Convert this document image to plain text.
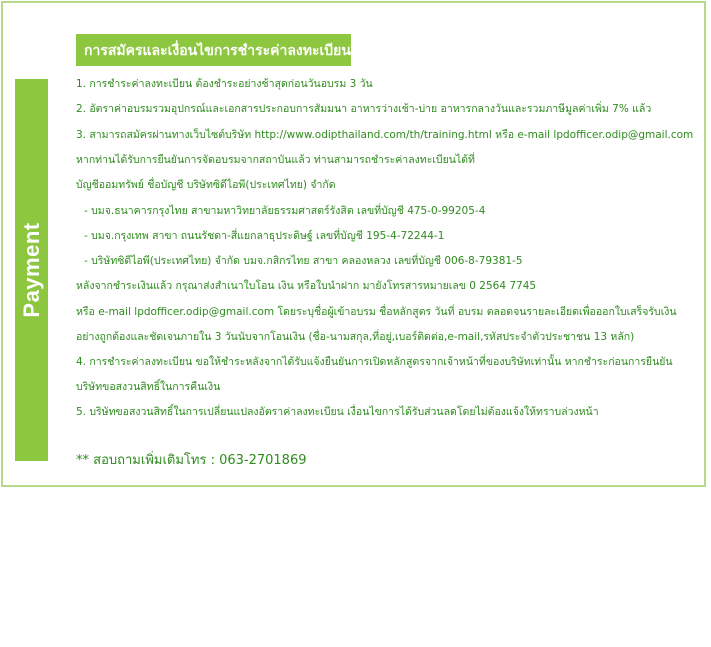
Payment
การสมัครและเงื่อนไขการชำระค่าลงทะเบียน
1. การชำระค่าลงทะเบียน ต้องชำระอย่างช้าสุดก่อนวันอบรม 3 วัน
2. อัตราค่าอบรมรวมอุปกรณ์และเอกสารประกอบการสัมมนา อาหารว่างเช้า-บ่าย อาหารกลางวันและรวมภาษีมูลค่าเพิ่ม 7% แล้ว
3. สามารถสมัครผ่านทางเว็บไซต์บริษัท http://www.odipthailand.com/th/training.html หรือ e-mail lpdofficer.odip@gmail.com
หากท่านได้รับการยืนยันการจัดอบรมจากสถาบันแล้ว ท่านสามารถชำระค่าลงทะเบียนได้ที่
บัญชีออมทรัพย์ ชื่อบัญชี บริษัทซิดีไอพี(ประเทศไทย) จำกัด
- บมจ.ธนาคารกรุงไทย สาขามหาวิทยาลัยธรรมศาสตร์รังสิต เลขที่บัญชี 475-0-99205-4
- บมจ.กรุงเทพ สาขา ถนนรัชดา-สี่แยกลาธุประดิษฐ์ เลขที่บัญชี 195-4-72244-1
- บริษัทซิดีไอพี(ประเทศไทย) จำกัด บมจ.กสิกรไทย สาขา คลองหลวง เลขที่บัญชี 006-8-79381-5
หลังจากชำระเงินแล้ว กรุณาส่งสำเนาใบโอน เงิน หรือใบนำฝาก มายังโทรสารหมายเลข 0 2564 7745
หรือ e-mail lpdofficer.odip@gmail.com โดยระบุชื่อผู้เข้าอบรม ชื่อหลักสูตร วันที่ อบรม ตลอดจนรายละเอียดเพื่อออกใบเสร็จรับเงิน
อย่างถูกต้องและชัดเจนภายใน 3 วันนับจากโอนเงิน (ชื่อ-นามสกุล,ที่อยู่,เบอร์ติดต่อ,e-mail,รหัสประจำตัวประชาชน 13 หลัก)
4. การชำระค่าลงทะเบียน ขอให้ชำระหลังจากได้รับแจ้งยืนยันการเปิดหลักสูตรจากเจ้าหน้าที่ของบริษัทเท่านั้น หากชำระก่อนการยืนยัน
บริษัทขอสงวนสิทธิ์ในการคืนเงิน
5. บริษัทขอสงวนสิทธิ์ในการเปลี่ยนแปลงอัตราค่าลงทะเบียน เงื่อนไขการได้รับส่วนลดโดยไม่ต้องแจ้งให้ทราบล่วงหน้า
** สอบถามเพิ่มเติมโทร : 063-2701869
